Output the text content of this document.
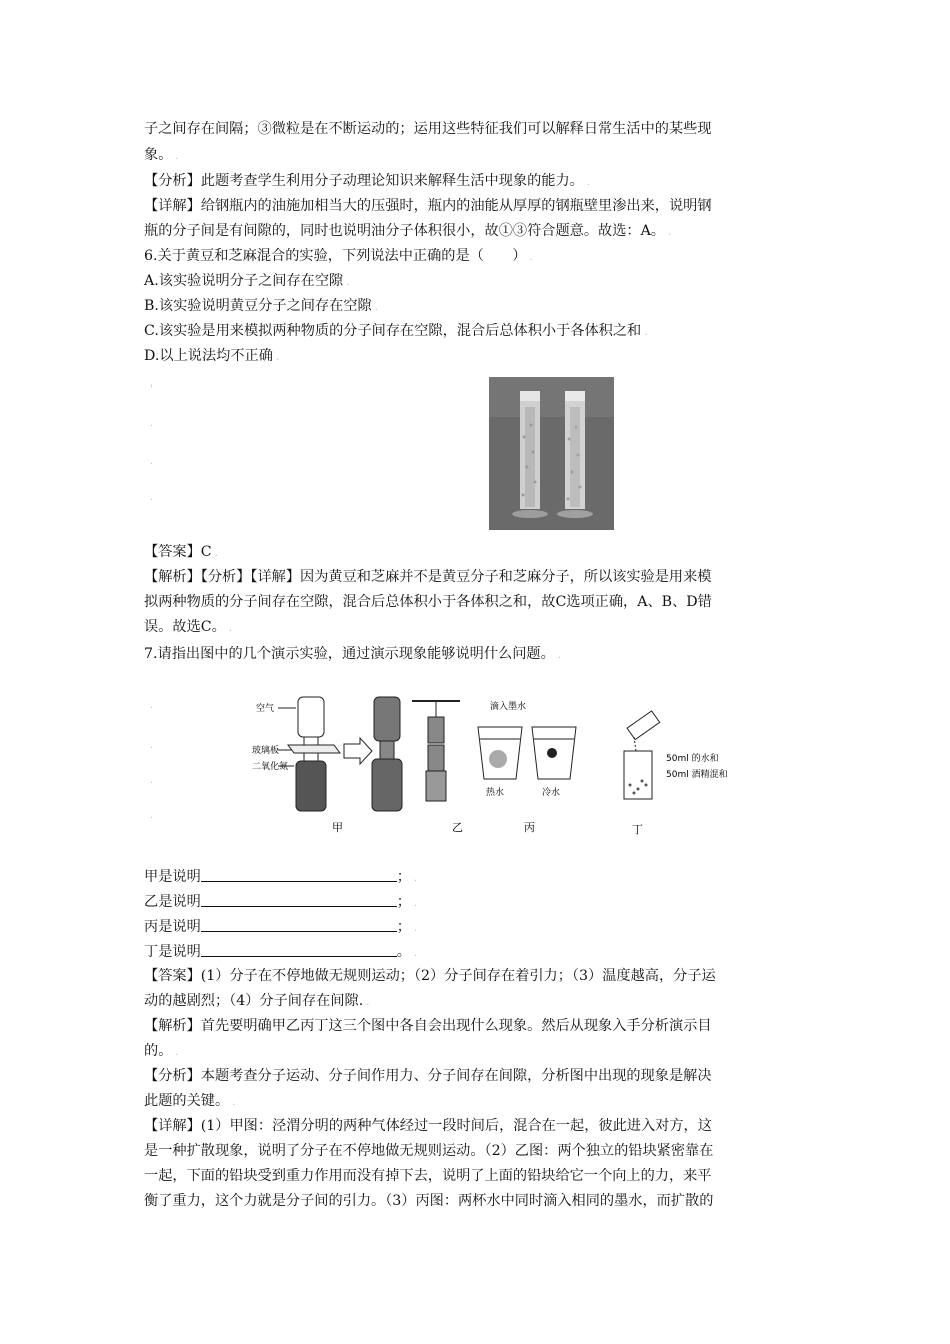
子之间存在间隔；③微粒是在不断运动的；运用这些特征我们可以解释日常生活中的某些现
象。 .
【分析】此题考查学生利用分子动理论知识来解释生活中现象的能力。 .
【详解】给钢瓶内的油施加相当大的压强时，瓶内的油能从厚厚的钢瓶壁里渗出来，说明钢
瓶的分子间是有间隙的，同时也说明油分子体积很小，故①③符合题意。故选：A。 .
6.关于黄豆和芝麻混合的实验，下列说法中正确的是（　　） .
A.该实验说明分子之间存在空隙 .
B.该实验说明黄豆分子之间存在空隙 .
C.该实验是用来模拟两种物质的分子间存在空隙，混合后总体积小于各体积之和 .
D.以上说法均不正确 .
'
.
.
.
【答案】C .
【解析】【分析】【详解】因为黄豆和芝麻并不是黄豆分子和芝麻分子，所以该实验是用来模
拟两种物质的分子间存在空隙，混合后总体积小于各体积之和，故C选项正确，A、B、D错
误。故选C。 .
7.请指出图中的几个演示实验，通过演示现象能够说明什么问题。 .
.
.
.
.
空气
玻璃板
二氧化氮
甲	乙
滴入墨水
热水	冷水
丙
50ml 的水和
50ml 酒精混和
丁
甲是说明	； .
乙是说明	； .
丙是说明	； .
丁是说明	。 .
【答案】(1）分子在不停地做无规则运动；（2）分子间存在着引力；（3）温度越高，分子运
动的越剧烈；（4）分子间存在间隙. .
【解析】首先要明确甲乙丙丁这三个图中各自会出现什么现象。然后从现象入手分析演示目
的。 .
【分析】本题考查分子运动、分子间作用力、分子间存在间隙，分析图中出现的现象是解决
此题的关键。 .
【详解】(1）甲图：泾渭分明的两种气体经过一段时间后，混合在一起，彼此进入对方，这
是一种扩散现象，说明了分子在不停地做无规则运动。（2）乙图：两个独立的铅块紧密靠在
一起，下面的铅块受到重力作用而没有掉下去，说明了上面的铅块给它一个向上的力，来平
衡了重力，这个力就是分子间的引力。（3）丙图：两杯水中同时滴入相同的墨水，而扩散的
